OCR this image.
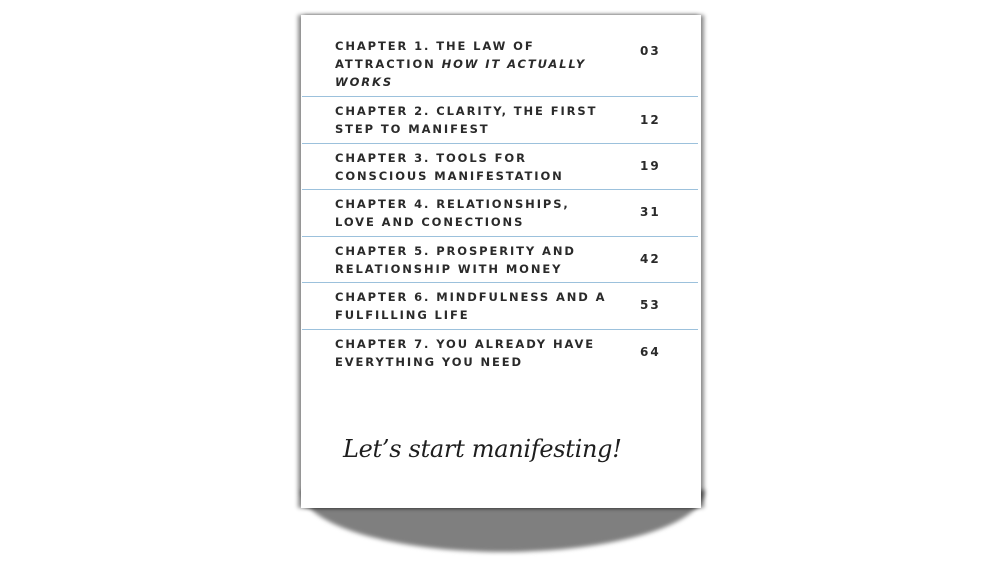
CHAPTER 1. THE LAW OF ATTRACTION HOW IT ACTUALLY WORKS
03
CHAPTER 2. CLARITY, THE FIRST STEP TO MANIFEST
12
CHAPTER 3. TOOLS FOR CONSCIOUS MANIFESTATION
19
CHAPTER 4. RELATIONSHIPS, LOVE AND CONECTIONS
31
CHAPTER 5. PROSPERITY AND RELATIONSHIP WITH MONEY
42
CHAPTER 6. MINDFULNESS AND A FULFILLING LIFE
53
CHAPTER 7. YOU ALREADY HAVE EVERYTHING YOU NEED
64
Let’s start manifesting!
